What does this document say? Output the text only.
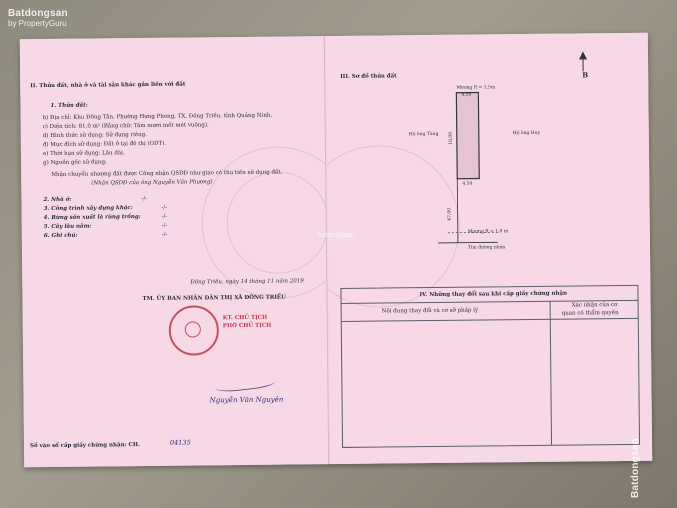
Batdongsan
by PropertyGuru
II. Thửa đất, nhà ở và tài sản khác gắn liền với đất
1. Thửa đất:
b) Địa chỉ: Khu Đông Tân, Phường Hưng Phong, TX. Đông Triều, tỉnh Quảng Ninh.
c) Diện tích: 81,0 m² (Bằng chữ: Tám mươi mốt mét vuông).
d) Hình thức sử dụng: Sử dụng riêng.
đ) Mục đích sử dụng: Đất ở tại đô thị (ODT).
e) Thời hạn sử dụng: Lâu dài.
g) Nguồn gốc sử dụng:
Nhận chuyển nhượng đất được Công nhận QSDĐ như giao có thu tiền sử dụng đất.
(Nhận QSDĐ của ông Nguyễn Văn Phương)
2. Nhà ở:	-/-
3. Công trình xây dựng khác:	-/-
4. Rừng sản xuất là rừng trồng:	-/-
5. Cây lâu năm:	-/-
6. Ghi chú:	-/-
Đông Triều, ngày 14 tháng 11 năm 2019
TM. ỦY BAN NHÂN DÂN THỊ XÃ ĐÔNG TRIỀU
KT. CHỦ TỊCH
PHÓ CHỦ TỊCH
Nguyễn Văn Nguyên
Số vào sổ cấp giấy chứng nhận: CH.	04135
III. Sơ đồ thửa đất	B
Mương R = 1,5m
4,50
4,50
18,00
47,00
Hộ ông Tùng	Hộ ông Huy
Mương R = 1,0 m
Tim đường nhựa
IV. Những thay đổi sau khi cấp giấy chứng nhận
Nội dung thay đổi và cơ sở pháp lý
Xác nhận của cơ
quan có thẩm quyền
batdongsan
Batdongsan
